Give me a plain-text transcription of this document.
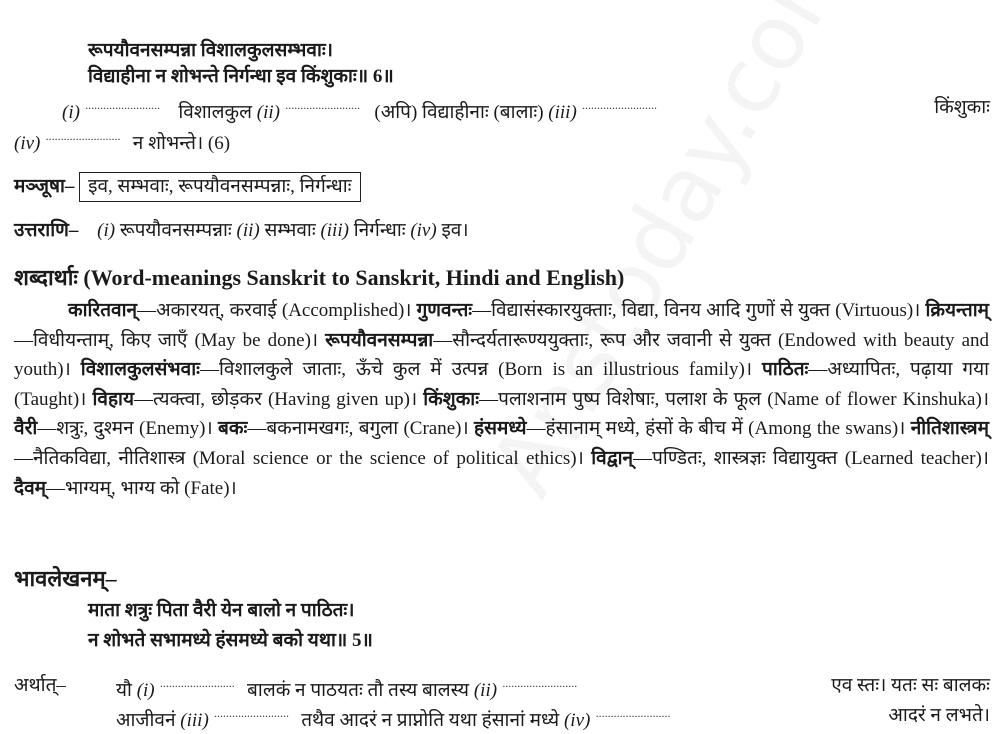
रूपयौवनसम्पन्ना विशालकुलसम्भवाः।
विद्याहीना न शोभन्ते निर्गन्धा इव किंशुकाः॥ 6॥
(i) ························· विशालकुल (ii) ························· (अपि) विद्याहीनाः (बालाः) (iii) ·························	किंशुकाः
(iv) ························· न शोभन्ते। (6)
मञ्जूषा– इव, सम्भवाः, रूपयौवनसम्पन्नाः, निर्गन्धाः
उत्तराणि– (i) रूपयौवनसम्पन्नाः (ii) सम्भवाः (iii) निर्गन्धाः (iv) इव।
शब्दार्थाः (Word-meanings Sanskrit to Sanskrit, Hindi and English)
कारितवान्—अकारयत्, करवाई (Accomplished)। गुणवन्तः—विद्यासंस्कारयुक्ताः, विद्या, विनय आदि गुणों से युक्त (Virtuous)। क्रियन्ताम्—विधीयन्ताम्, किए जाएँ (May be done)। रूपयौवनसम्पन्ना—सौन्दर्यतारूण्ययुक्ताः, रूप और जवानी से युक्त (Endowed with beauty and youth)। विशालकुलसंभवाः—विशालकुले जाताः, ऊँचे कुल में उत्पन्न (Born is an illustrious family)। पाठितः—अध्यापितः, पढ़ाया गया (Taught)। विहाय—त्यक्त्वा, छोड़कर (Having given up)। किंशुकाः—पलाशनाम पुष्प विशेषाः, पलाश के फूल (Name of flower Kinshuka)। वैरी—शत्रुः, दुश्मन (Enemy)। बकः—बकनामखगः, बगुला (Crane)। हंसमध्ये—हंसानाम् मध्ये, हंसों के बीच में (Among the swans)। नीतिशास्त्रम्—नैतिकविद्या, नीतिशास्त्र (Moral science or the science of political ethics)। विद्वान्—पण्डितः, शास्त्रज्ञः विद्यायुक्त (Learned teacher)। दैवम्—भाग्यम्, भाग्य को (Fate)।
भावलेखनम्–
माता शत्रुः पिता वैरी येन बालो न पाठितः।
न शोभते सभामध्ये हंसमध्ये बको यथा॥ 5॥
अर्थात्–	यौ (i) ························· बालकं न पाठयतः तौ तस्य बालस्य (ii) ·························	एव स्तः। यतः सः बालकः
आजीवनं (iii) ························· तथैव आदरं न प्राप्नोति यथा हंसानां मध्ये (iv) ·························	आदरं न लभते।
